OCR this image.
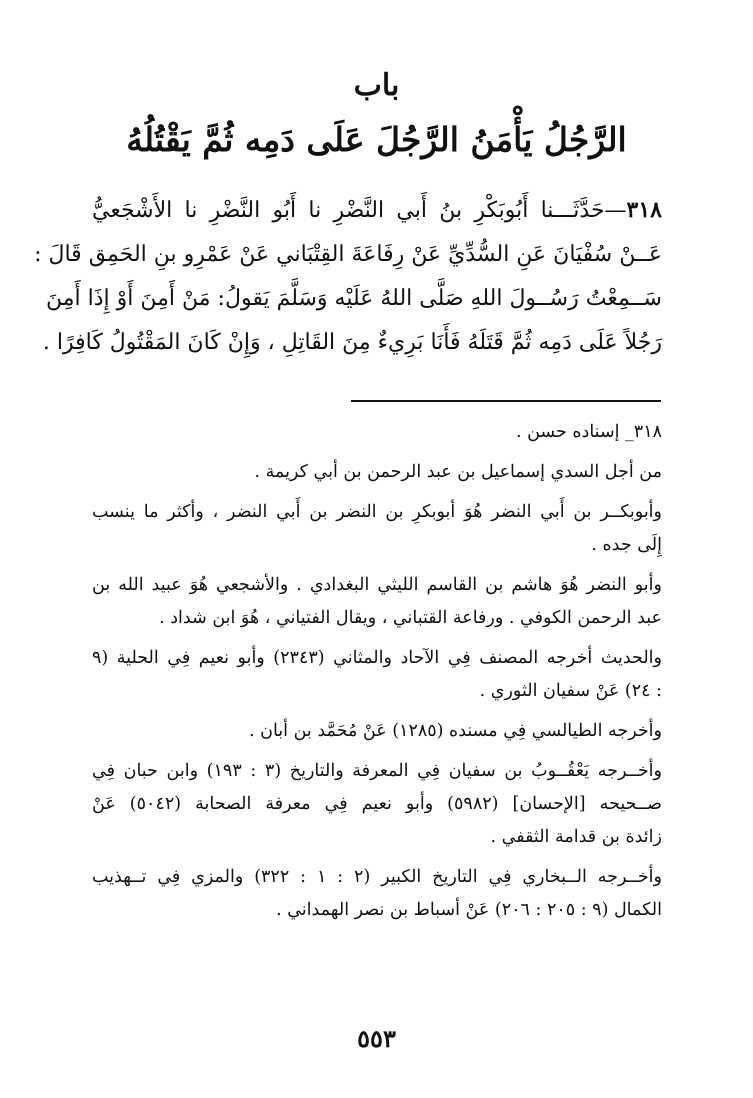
باب
الرَّجُلُ يَأْمَنُ الرَّجُلَ عَلَى دَمِه ثُمَّ يَقْتُلُهُ
٣١٨—حَدَّثَـــنا أَبُوبَكْرِ بنُ أَبي النَّضْرِ نا أَبُو النَّضْرِ نا الأَشْجَعيُّ
عَــنْ سُفْيَانَ عَنِ السُّدِّيِّ عَنْ رِفَاعَةَ القِتْبَاني عَنْ عَمْرِو بنِ الحَمِق قَالَ :
سَــمِعْتُ رَسُــولَ اللهِ صَلَّى اللهُ عَلَيْه وَسَلَّمَ يَقولُ: مَنْ أَمِنَ أَوْ إِذَا أَمِنَ
رَجُلاً عَلَى دَمِه ثُمَّ قَتَلَهُ فَأَنَا بَرِيءٌ مِنَ القَاتِلِ ، وَإِنْ كَانَ المَقْتُولُ كَافِرًا .
٣١٨_ إسناده حسن .
من أجل السدي إسماعيل بن عبد الرحمن بن أبي كريمة .
وأبوبكــر بن أَبي النضر هُوَ أبوبكرِ بن النضر بن أَبي النضر ، وأكثر ما ينسب
إِلَى جده .
وأبو النضر هُوَ هاشم بن القاسم الليثي البغدادي . والأشجعي هُوَ عبيد الله بن
عبد الرحمن الكوفي . ورفاعة القتباني ، ويقال الفتياني ، هُوَ ابن شداد .
والحديث أخرجه المصنف فِي الآحاد والمثاني (٢٣٤٣) وأبو نعيم فِي الحلية (٩
: ٢٤) عَنْ سفيان الثوري .
وأخرجه الطيالسي فِي مسنده (١٢٨٥) عَنْ مُحَمَّد بن أبان .
وأخــرجه يَعْقُــوبُ بن سفيان فِي المعرفة والتاريخ (٣ : ١٩٣) وابن حبان فِي
صــحيحه [الإحسان] (٥٩٨٢) وأبو نعيم فِي معرفة الصحابة (٥٠٤٢) عَنْ
زائدة بن قدامة الثقفي .
وأخــرجه الــبخاري فِي التاريخ الكبير (٢ : ١ : ٣٢٢) والمزي فِي تــهذيب
الكمال (٩ : ٢٠٥ : ٢٠٦) عَنْ أسباط بن نصر الهمداني .
٥٥٣
